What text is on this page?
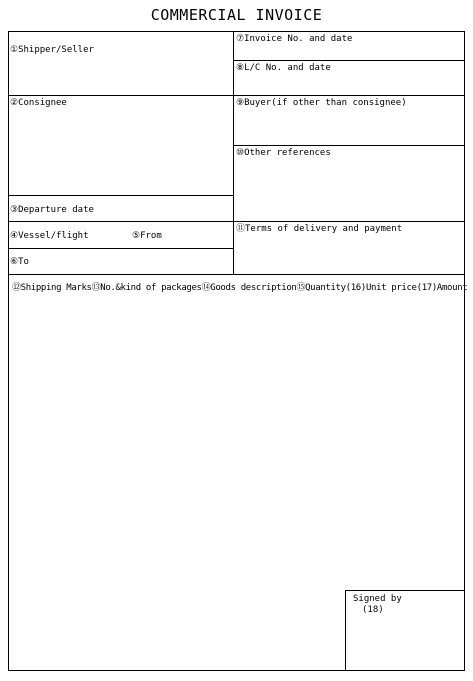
COMMERCIAL INVOICE
①Shipper/Seller
⑦Invoice No. and date
⑧L/C No. and date
②Consignee	⑨Buyer(if other than consignee)
⑩Other references
③Departure date
④Vessel/flight	⑤From
⑪Terms of delivery and payment
⑥To
⑫Shipping Marks⑬No.&kind of packages⑭Goods description⑮Quantity(16)Unit price(17)Amount
Signed by
(18)
